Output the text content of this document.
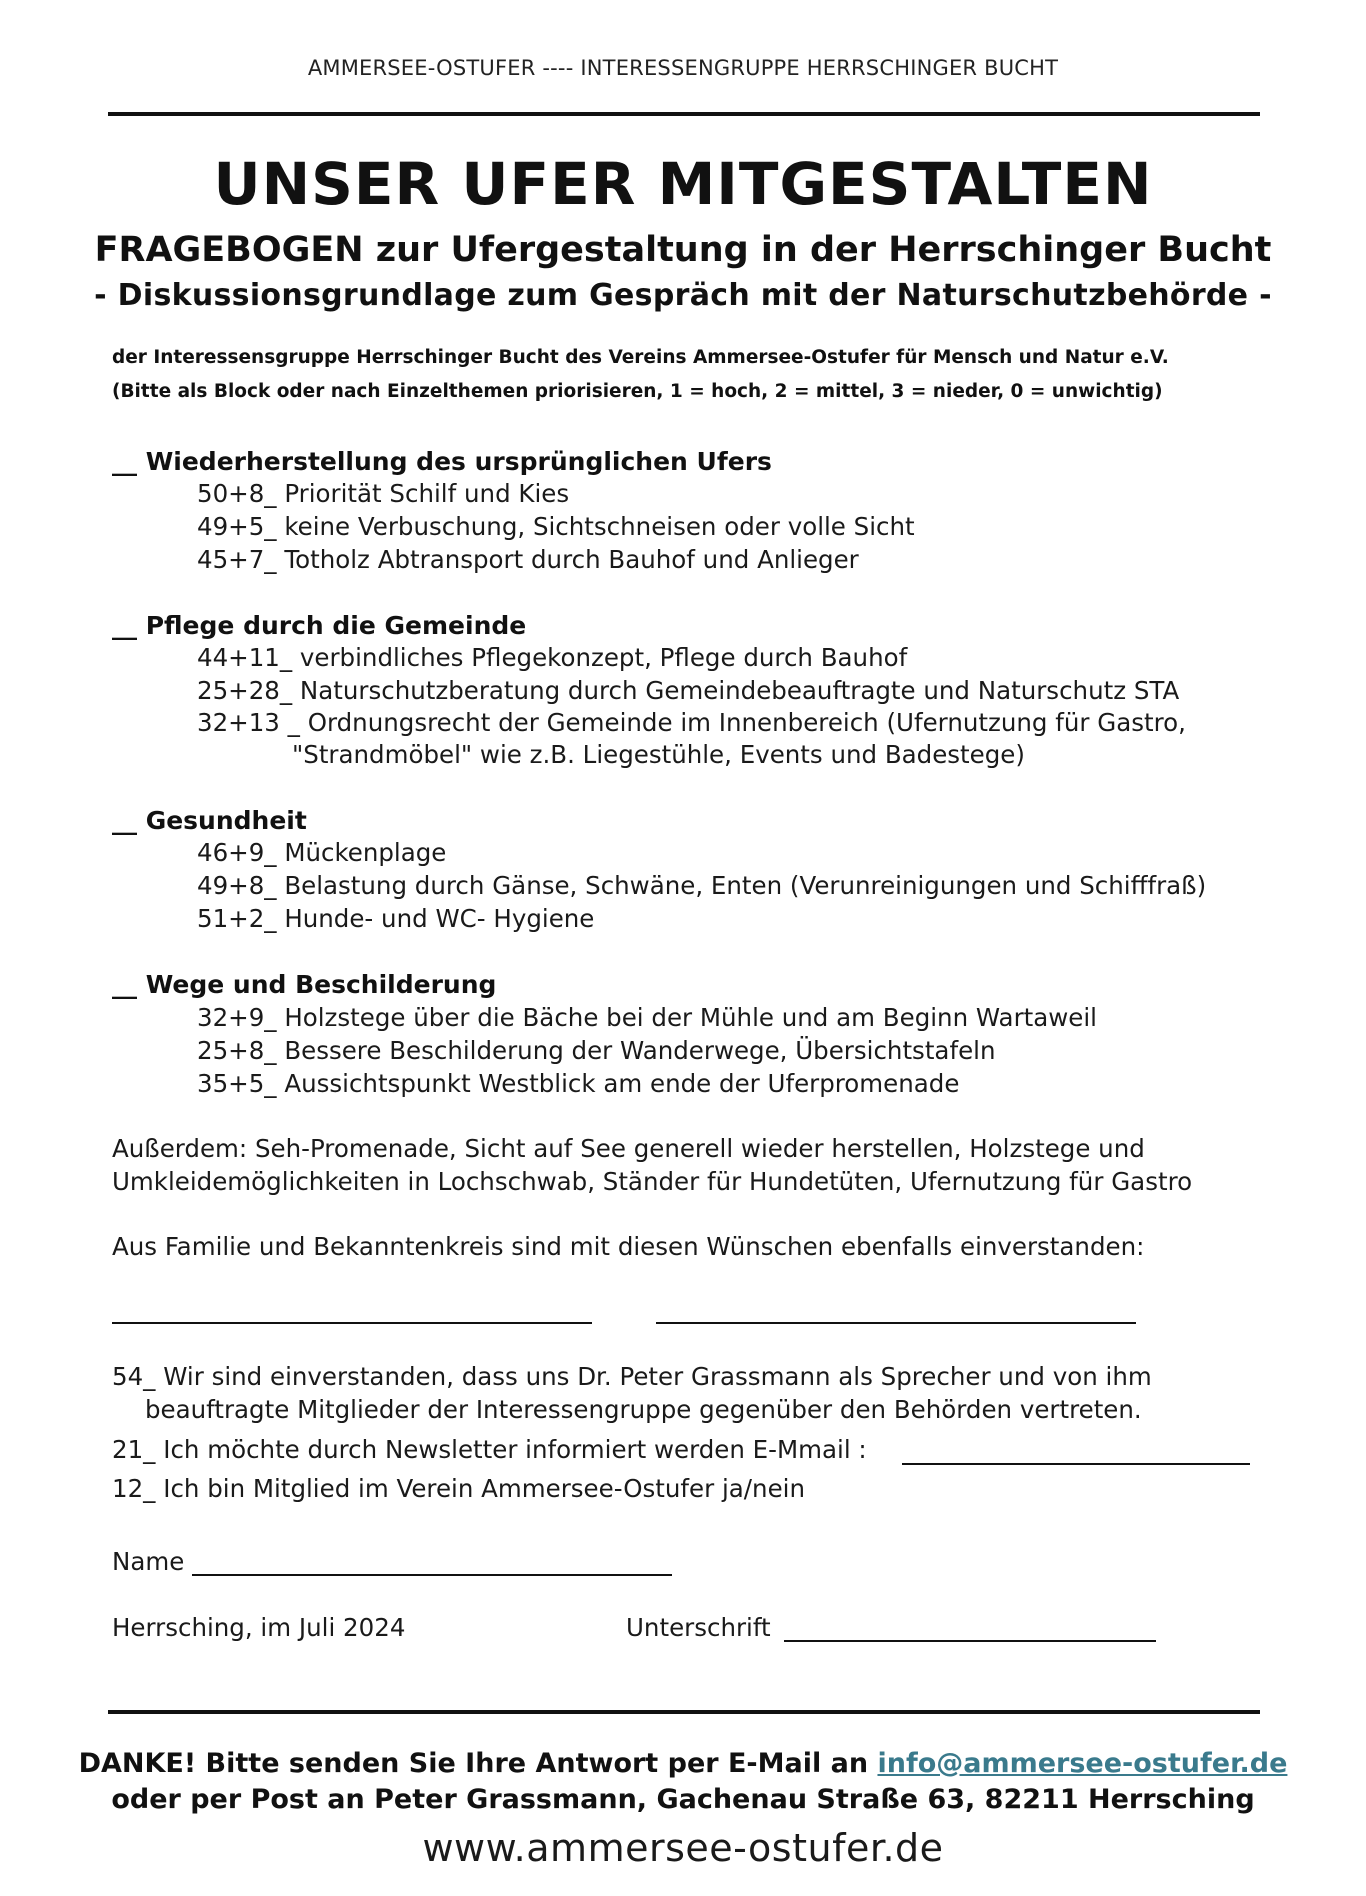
AMMERSEE-OSTUFER ---- INTERESSENGRUPPE HERRSCHINGER BUCHT
UNSER UFER MITGESTALTEN
FRAGEBOGEN zur Ufergestaltung in der Herrschinger Bucht
- Diskussionsgrundlage zum Gespräch mit der Naturschutzbehörde -
der Interessensgruppe Herrschinger Bucht des Vereins Ammersee-Ostufer für Mensch und Natur e.V.
(Bitte als Block oder nach Einzelthemen priorisieren, 1 = hoch, 2 = mittel, 3 = nieder, 0 = unwichtig)
__ Wiederherstellung des ursprünglichen Ufers
50+8_ Priorität Schilf und Kies
49+5_ keine Verbuschung, Sichtschneisen oder volle Sicht
45+7_ Totholz Abtransport durch Bauhof und Anlieger
__ Pflege durch die Gemeinde
44+11_ verbindliches Pflegekonzept, Pflege durch Bauhof
25+28_ Naturschutzberatung durch Gemeindebeauftragte und Naturschutz STA
32+13 _ Ordnungsrecht der Gemeinde im Innenbereich (Ufernutzung für Gastro,
"Strandmöbel" wie z.B. Liegestühle, Events und Badestege)
__ Gesundheit
46+9_ Mückenplage
49+8_ Belastung durch Gänse, Schwäne, Enten (Verunreinigungen und Schifffraß)
51+2_ Hunde- und WC- Hygiene
__ Wege und Beschilderung
32+9_ Holzstege über die Bäche bei der Mühle und am Beginn Wartaweil
25+8_ Bessere Beschilderung der Wanderwege, Übersichtstafeln
35+5_ Aussichtspunkt Westblick am ende der Uferpromenade
Außerdem: Seh-Promenade, Sicht auf See generell wieder herstellen, Holzstege und
Umkleidemöglichkeiten in Lochschwab, Ständer für Hundetüten, Ufernutzung für Gastro
Aus Familie und Bekanntenkreis sind mit diesen Wünschen ebenfalls einverstanden:
54_ Wir sind einverstanden, dass uns Dr. Peter Grassmann als Sprecher und von ihm
beauftragte Mitglieder der Interessengruppe gegenüber den Behörden vertreten.
21_ Ich möchte durch Newsletter informiert werden E-Mmail :
12_ Ich bin Mitglied im Verein Ammersee-Ostufer ja/nein
Name
Herrsching, im Juli 2024	Unterschrift
DANKE! Bitte senden Sie Ihre Antwort per E-Mail an info@ammersee-ostufer.de
oder per Post an Peter Grassmann, Gachenau Straße 63, 82211 Herrsching
www.ammersee-ostufer.de
